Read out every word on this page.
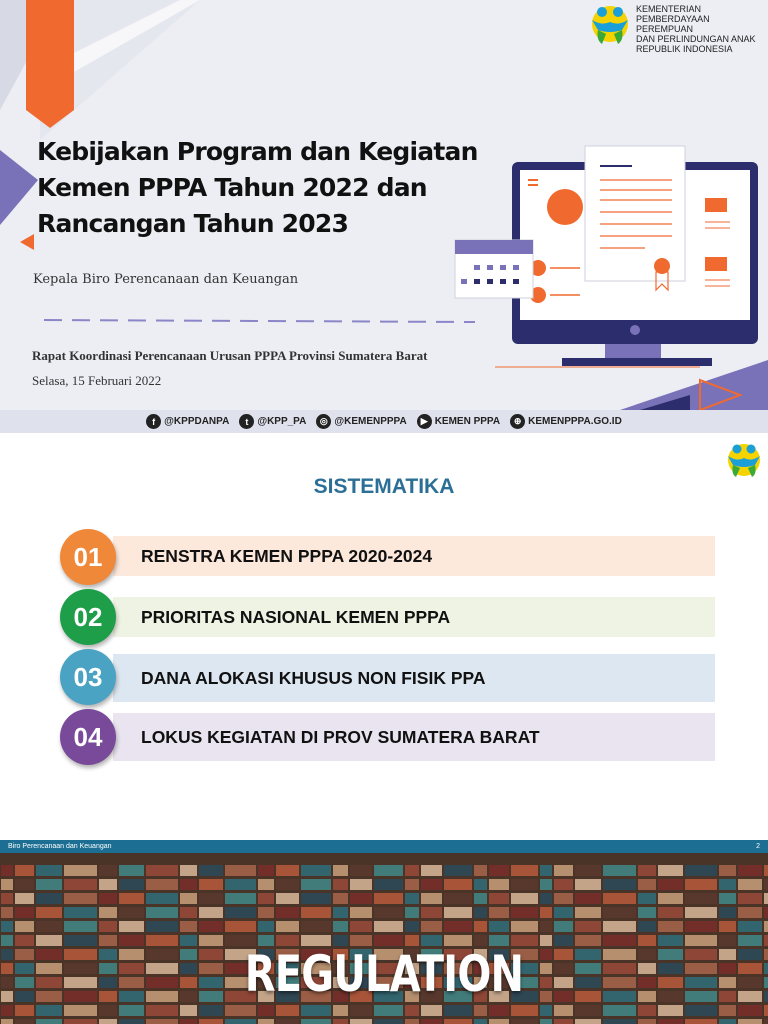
KEMENTERIAN
PEMBERDAYAAN PEREMPUAN
DAN PERLINDUNGAN ANAK
REPUBLIK INDONESIA
Kebijakan Program dan Kegiatan
Kemen PPPA Tahun 2022 dan
Rancangan Tahun 2023
Kepala Biro Perencanaan dan Keuangan
Rapat Koordinasi Perencanaan Urusan PPPA Provinsi Sumatera Barat
Selasa, 15 Februari 2022
f @KPPDANPA	t @KPP_PA	◎ @KEMENPPPA	▶ KEMEN PPPA	⊕ KEMENPPPA.GO.ID
SISTEMATIKA
RENSTRA KEMEN PPPA 2020-2024
01
PRIORITAS NASIONAL KEMEN PPPA
02
DANA ALOKASI KHUSUS NON FISIK PPA
03
LOKUS KEGIATAN DI PROV SUMATERA BARAT
04
Biro Perencanaan dan Keuangan	2
REGULATION
